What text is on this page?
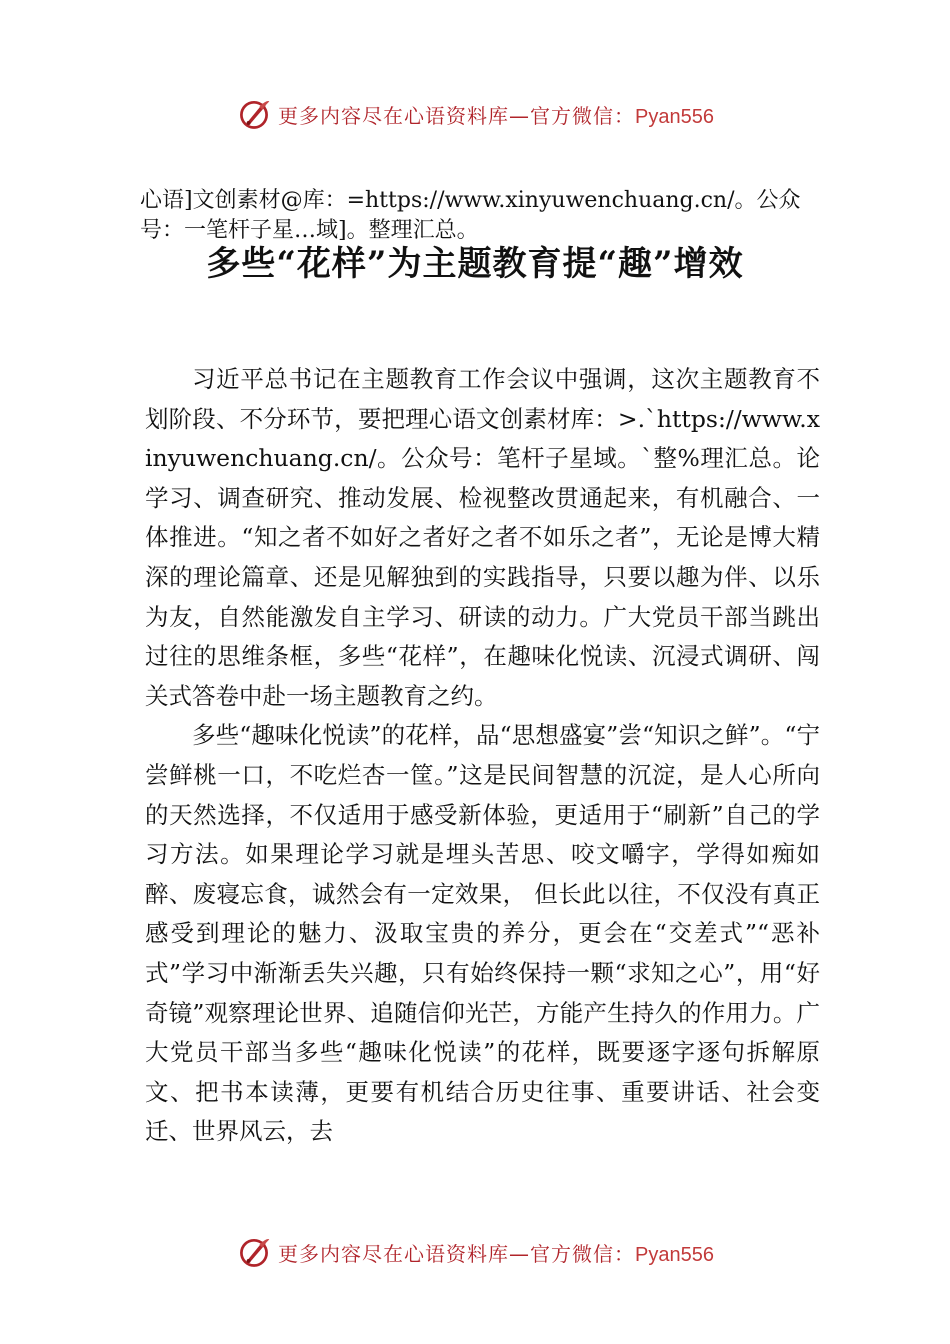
更多内容尽在心语资料库—官方微信：Pyan556
心语]文创素材@库：=https://www.xinyuwenchuang.cn/。公众号：一笔杆子星…域]。整理汇总。
多些“花样”为主题教育提“趣”增效

习近平总书记在主题教育工作会议中强调，这次主题教育不划阶段、不分环节，要把理心语文创素材库：>.`https://www.xinyuwenchuang.cn/。公众号：笔杆子星域。`整%理汇总。论学习、调查研究、推动发展、检视整改贯通起来，有机融合、一体推进。“知之者不如好之者好之者不如乐之者”，无论是博大精深的理论篇章、还是见解独到的实践指导，只要以趣为伴、以乐为友，自然能激发自主学习、研读的动力。广大党员干部当跳出过往的思维条框，多些“花样”，在趣味化悦读、沉浸式调研、闯关式答卷中赴一场主题教育之约。

多些“趣味化悦读”的花样，品“思想盛宴”尝“知识之鲜”。“宁尝鲜桃一口，不吃烂杏一筐。”这是民间智慧的沉淀，是人心所向的天然选择，不仅适用于感受新体验，更适用于“刷新”自己的学习方法。如果理论学习就是埋头苦思、咬文嚼字，学得如痴如醉、废寝忘食，诚然会有一定效果， 但长此以往，不仅没有真正感受到理论的魅力、汲取宝贵的养分，更会在“交差式”“恶补式”学习中渐渐丢失兴趣，只有始终保持一颗“求知之心”，用“好奇镜”观察理论世界、追随信仰光芒，方能产生持久的作用力。广大党员干部当多些“趣味化悦读”的花样，既要逐字逐句拆解原文、把书本读薄，更要有机结合历史往事、重要讲话、社会变迁、世界风云，去

更多内容尽在心语资料库—官方微信：Pyan556
